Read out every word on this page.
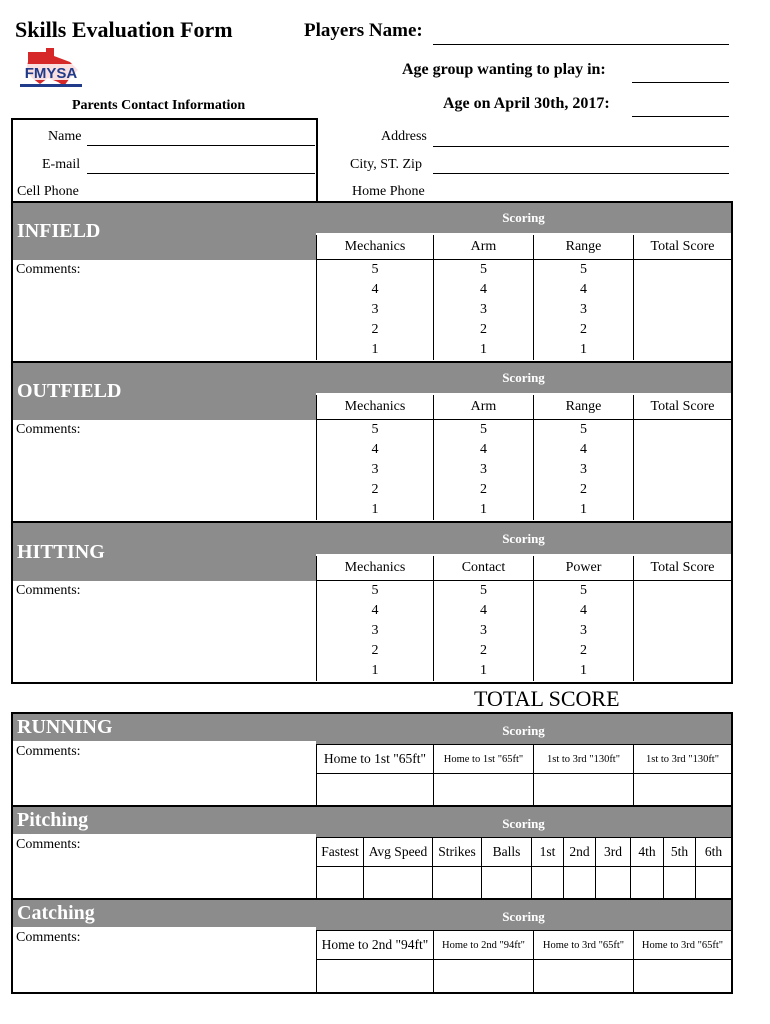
Skills Evaluation Form	Players Name:
FMYSA	Age group wanting to play in:
Parents Contact Information	Age on April 30th, 2017:
Name
E-mail
Cell Phone
Address
City, ST. Zip
Home Phone
INFIELD
Scoring
Comments:
Mechanics	Arm	Range	Total Score
5	5	5	
4	4	4	
3	3	3	
2	2	2	
1	1	1	
OUTFIELD
Scoring
Comments:
Mechanics	Arm	Range	Total Score
5	5	5	
4	4	4	
3	3	3	
2	2	2	
1	1	1	
HITTING
Scoring
Comments:
Mechanics	Contact	Power	Total Score
5	5	5	
4	4	4	
3	3	3	
2	2	2	
1	1	1	
TOTAL SCORE
RUNNING	Scoring
Comments:	Home to 1st "65ft"	Home to 1st "65ft"	1st to 3rd "130ft"	1st to 3rd "130ft"

Pitching	Scoring
Comments:	Fastest	Avg Speed	Strikes	Balls	1st	2nd	3rd	4th	5th	6th

Catching	Scoring
Comments:	Home to 2nd "94ft"	Home to 2nd "94ft"	Home to 3rd "65ft"	Home to 3rd "65ft"
